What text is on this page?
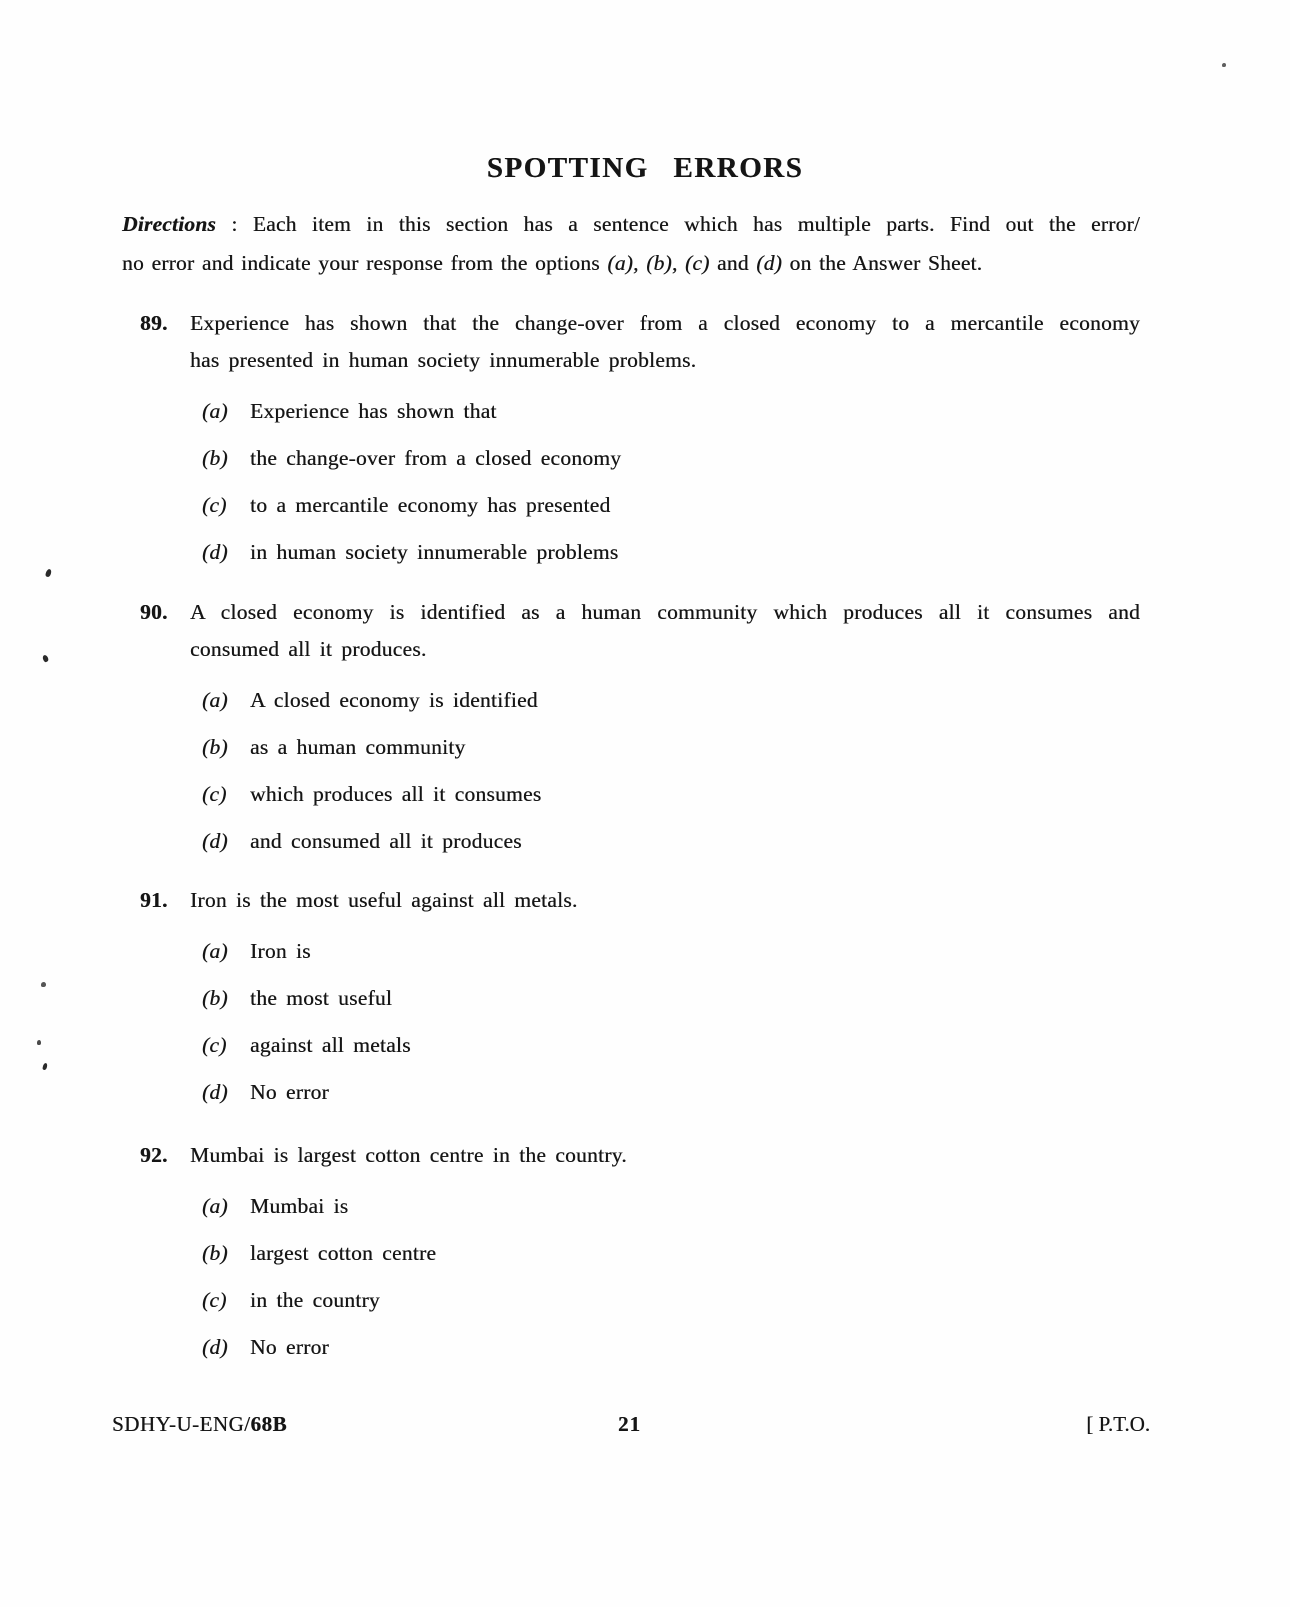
SPOTTING ERRORS
Directions : Each item in this section has a sentence which has multiple parts. Find out the error/
no error and indicate your response from the options (a), (b), (c) and (d) on the Answer Sheet.
89.	Experience has shown that the change-over from a closed economy to a mercantile economy
has presented in human society innumerable problems.
(a)	Experience has shown that
(b)	the change-over from a closed economy
(c)	to a mercantile economy has presented
(d)	in human society innumerable problems
90.	A closed economy is identified as a human community which produces all it consumes and
consumed all it produces.
(a)	A closed economy is identified
(b)	as a human community
(c)	which produces all it consumes
(d)	and consumed all it produces
91.	Iron is the most useful against all metals.
(a)	Iron is
(b)	the most useful
(c)	against all metals
(d)	No error
92.	Mumbai is largest cotton centre in the country.
(a)	Mumbai is
(b)	largest cotton centre
(c)	in the country
(d)	No error
SDHY-U-ENG/68B	21	[ P.T.O.
